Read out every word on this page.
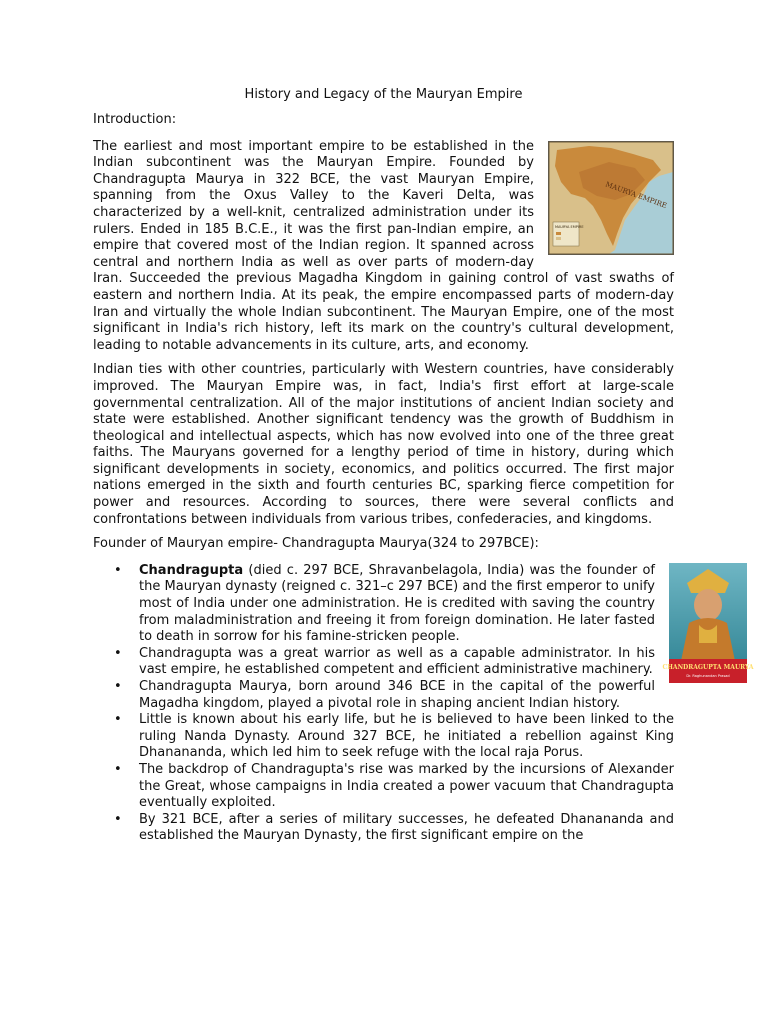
History and Legacy of the Mauryan Empire

Introduction:

MAURYA EMPIRE
MAURYA EMPIRE

The earliest and most important empire to be established in the Indian subcontinent was the Mauryan Empire. Founded by Chandragupta Maurya in 322 BCE, the vast Mauryan Empire, spanning from the Oxus Valley to the Kaveri Delta, was characterized by a well-knit, centralized administration under its rulers. Ended in 185 B.C.E., it was the first pan-Indian empire, an empire that covered most of the Indian region. It spanned across central and northern India as well as over parts of modern-day Iran. Succeeded the previous Magadha Kingdom in gaining control of vast swaths of eastern and northern India. At its peak, the empire encompassed parts of modern-day Iran and virtually the whole Indian subcontinent. The Mauryan Empire, one of the most significant in India's rich history, left its mark on the country's cultural development, leading to notable advancements in its culture, arts, and economy.

Indian ties with other countries, particularly with Western countries, have considerably improved. The Mauryan Empire was, in fact, India's first effort at large-scale governmental centralization. All of the major institutions of ancient Indian society and state were established. Another significant tendency was the growth of Buddhism in theological and intellectual aspects, which has now evolved into one of the three great faiths. The Mauryans governed for a lengthy period of time in history, during which significant developments in society, economics, and politics occurred. The first major nations emerged in the sixth and fourth centuries BC, sparking fierce competition for power and resources. According to sources, there were several conflicts and confrontations between individuals from various tribes, confederacies, and kingdoms.

Founder of Mauryan empire- Chandragupta Maurya(324 to 297BCE):

• CHANDRAGUPTA MAURYA
Dr. Raghunandan Prasad
Chandragupta (died c. 297 BCE, Shravanbelagola, India) was the founder of the Mauryan dynasty (reigned c. 321–c 297 BCE) and the first emperor to unify most of India under one administration. He is credited with saving the country from maladministration and freeing it from foreign domination. He later fasted to death in sorrow for his famine-stricken people.
• Chandragupta was a great warrior as well as a capable administrator. In his vast empire, he established competent and efficient administrative machinery.
• Chandragupta Maurya, born around 346 BCE in the capital of the powerful Magadha kingdom, played a pivotal role in shaping ancient Indian history.
• Little is known about his early life, but he is believed to have been linked to the ruling Nanda Dynasty. Around 327 BCE, he initiated a rebellion against King Dhanananda, which led him to seek refuge with the local raja Porus.
• The backdrop of Chandragupta's rise was marked by the incursions of Alexander the Great, whose campaigns in India created a power vacuum that Chandragupta eventually exploited.
• By 321 BCE, after a series of military successes, he defeated Dhanananda and established the Mauryan Dynasty, the first significant empire on the
